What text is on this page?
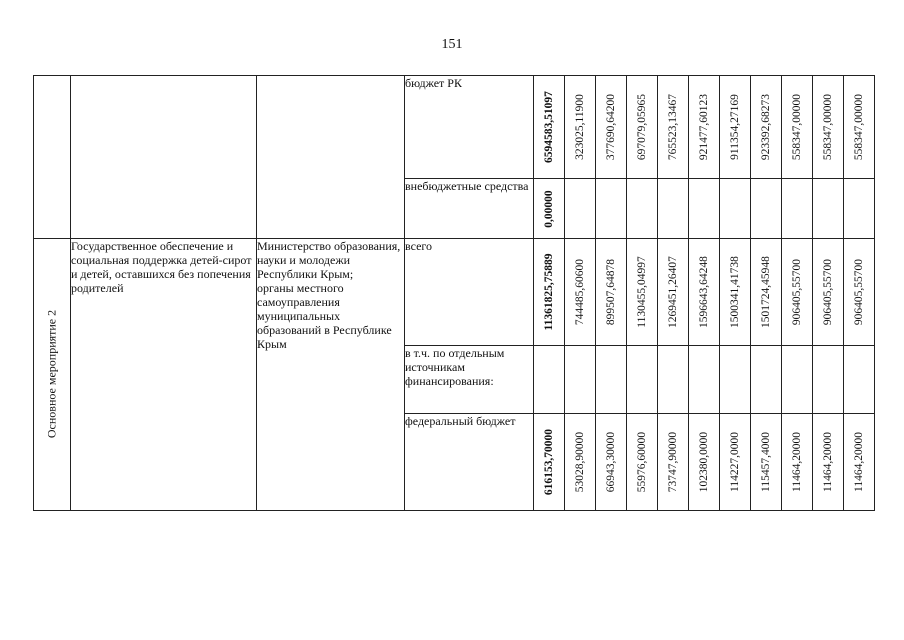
151
			бюджет РК	6594583,51097	323025,11900	377690,64200	697079,05965	765523,13467	921477,60123	911354,27169	923392,68273	558347,00000	558347,00000	558347,00000

			внебюджетные средства	0,00000										

Основное мероприятие 2	Государственное обеспечение и социальная поддержка детей-сирот и детей, оставшихся без попечения родителей	Министерство образования, науки и молодежи Республики Крым;
органы местного самоуправления муниципальных образований в Республике Крым	всего	11361825,75889	744485,60600	899507,64878	1130455,04997	1269451,26407	1596643,64248	1500341,41738	1501724,45948	906405,55700	906405,55700	906405,55700

			в т.ч. по отдельным источникам финансирования:											
			федеральный бюджет	616153,70000	53028,90000	66943,30000	55976,60000	73747,90000	102380,0000	114227,0000	115457,4000	11464,20000	11464,20000	11464,20000
